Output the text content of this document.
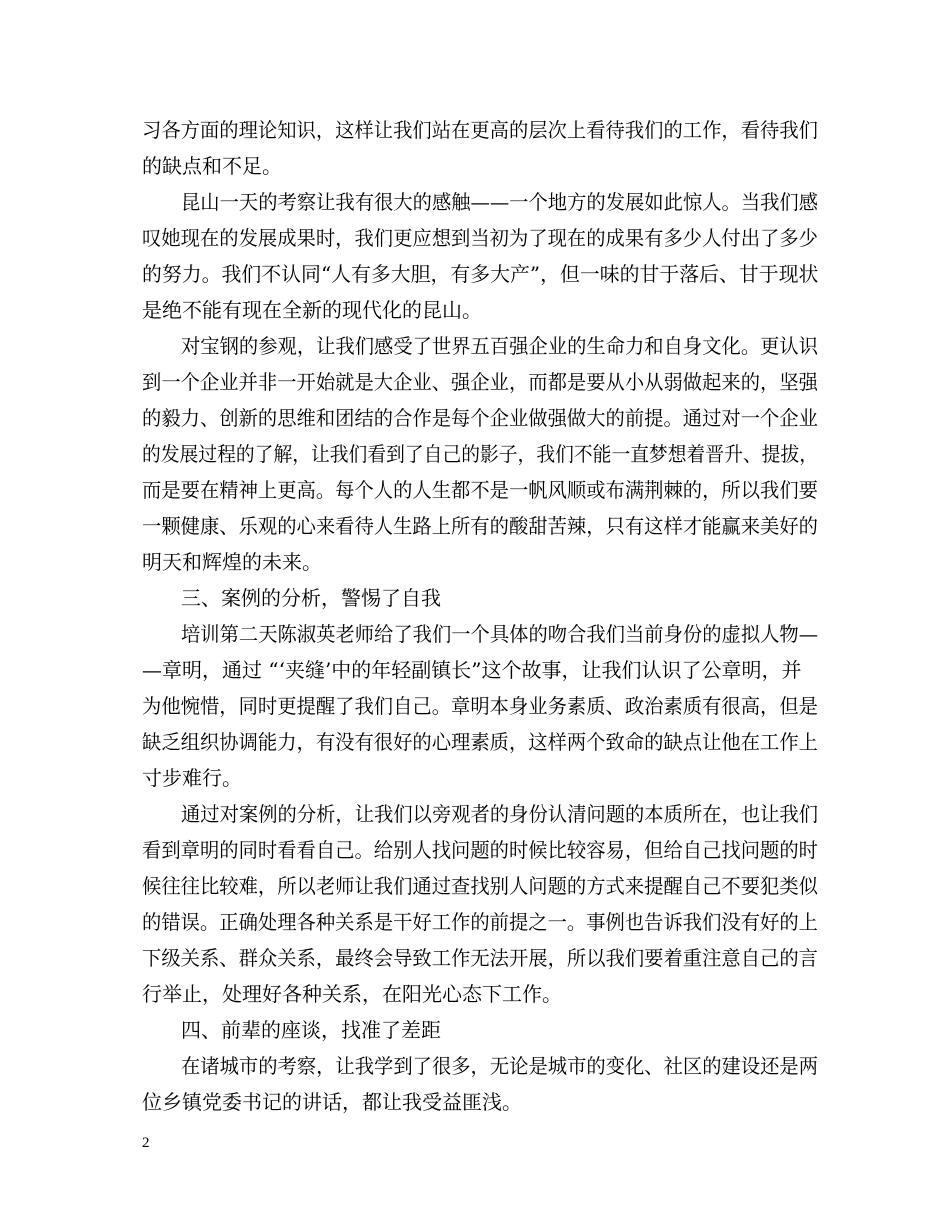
习各方面的理论知识，这样让我们站在更高的层次上看待我们的工作，看待我们
的缺点和不足。
昆山一天的考察让我有很大的感触——一个地方的发展如此惊人。当我们感
叹她现在的发展成果时，我们更应想到当初为了现在的成果有多少人付出了多少
的努力。我们不认同“人有多大胆，有多大产”，但一味的甘于落后、甘于现状
是绝不能有现在全新的现代化的昆山。
对宝钢的参观，让我们感受了世界五百强企业的生命力和自身文化。更认识
到一个企业并非一开始就是大企业、强企业，而都是要从小从弱做起来的，坚强
的毅力、创新的思维和团结的合作是每个企业做强做大的前提。通过对一个企业
的发展过程的了解，让我们看到了自己的影子，我们不能一直梦想着晋升、提拔，
而是要在精神上更高。每个人的人生都不是一帆风顺或布满荆棘的，所以我们要
一颗健康、乐观的心来看待人生路上所有的酸甜苦辣，只有这样才能赢来美好的
明天和辉煌的未来。
三、案例的分析，警惕了自我
培训第二天陈淑英老师给了我们一个具体的吻合我们当前身份的虚拟人物—
—章明，通过 “‘夹缝’中的年轻副镇长”这个故事，让我们认识了公章明，并
为他惋惜，同时更提醒了我们自己。章明本身业务素质、政治素质有很高，但是
缺乏组织协调能力，有没有很好的心理素质，这样两个致命的缺点让他在工作上
寸步难行。
通过对案例的分析，让我们以旁观者的身份认清问题的本质所在，也让我们
看到章明的同时看看自己。给别人找问题的时候比较容易，但给自己找问题的时
候往往比较难，所以老师让我们通过查找别人问题的方式来提醒自己不要犯类似
的错误。正确处理各种关系是干好工作的前提之一。事例也告诉我们没有好的上
下级关系、群众关系，最终会导致工作无法开展，所以我们要着重注意自己的言
行举止，处理好各种关系，在阳光心态下工作。
四、前辈的座谈，找准了差距
在诸城市的考察，让我学到了很多，无论是城市的变化、社区的建设还是两
位乡镇党委书记的讲话，都让我受益匪浅。
2
